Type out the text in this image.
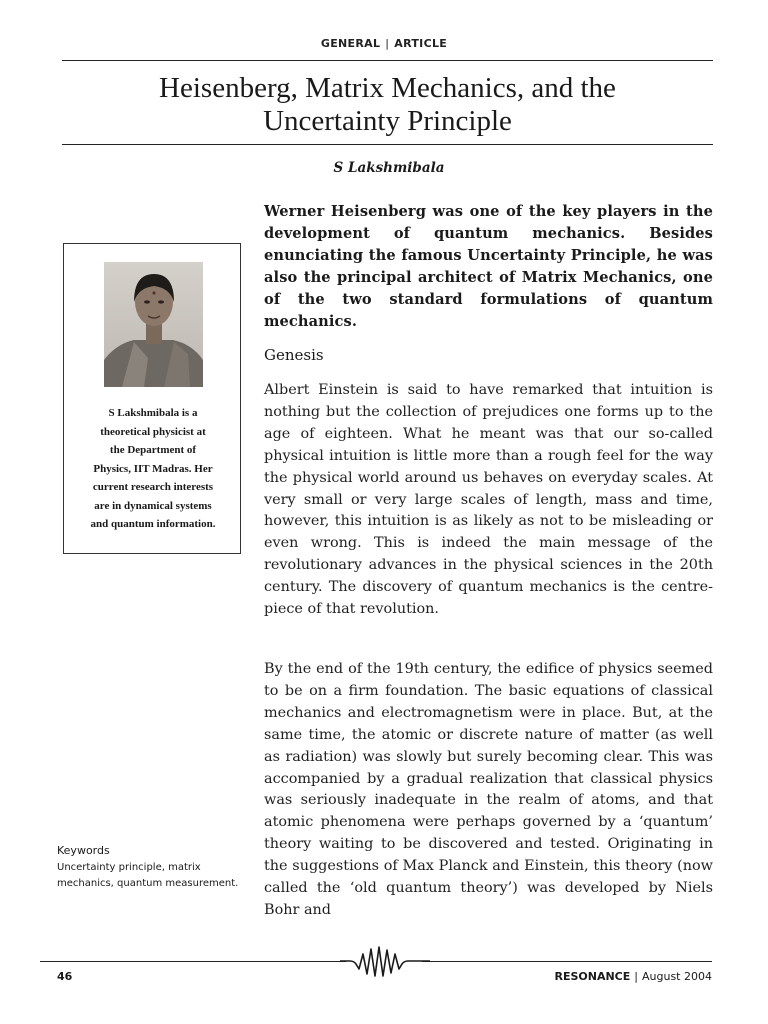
GENERAL | ARTICLE
Heisenberg, Matrix Mechanics, and the
Uncertainty Principle
S Lakshmibala
S Lakshmibala is a
theoretical physicist at
the Department of
Physics, IIT Madras. Her
current research interests
are in dynamical systems
and quantum information.
Keywords
Uncertainty principle, matrix mechanics, quantum measurement.
Werner Heisenberg was one of the key players in the development of quantum mechanics. Besides enunciating the famous Uncertainty Principle, he was also the principal architect of Matrix Mechanics, one of the two standard formulations of quantum mechanics.
Genesis
Albert Einstein is said to have remarked that intuition is nothing but the collection of prejudices one forms up to the age of eighteen. What he meant was that our so-called physical intuition is little more than a rough feel for the way the physical world around us behaves on everyday scales. At very small or very large scales of length, mass and time, however, this intuition is as likely as not to be misleading or even wrong. This is indeed the main message of the revolutionary advances in the physical sciences in the 20th century. The discovery of quantum mechanics is the centre-piece of that revolution.
By the end of the 19th century, the edifice of physics seemed to be on a firm foundation. The basic equations of classical mechanics and electromagnetism were in place. But, at the same time, the atomic or discrete nature of matter (as well as radiation) was slowly but surely becoming clear. This was accompanied by a gradual realization that classical physics was seriously inadequate in the realm of atoms, and that atomic phenomena were perhaps governed by a ‘quantum’ theory waiting to be discovered and tested. Originating in the suggestions of Max Planck and Einstein, this theory (now called the ‘old quantum theory’) was developed by Niels Bohr and
46	RESONANCE | August 2004
